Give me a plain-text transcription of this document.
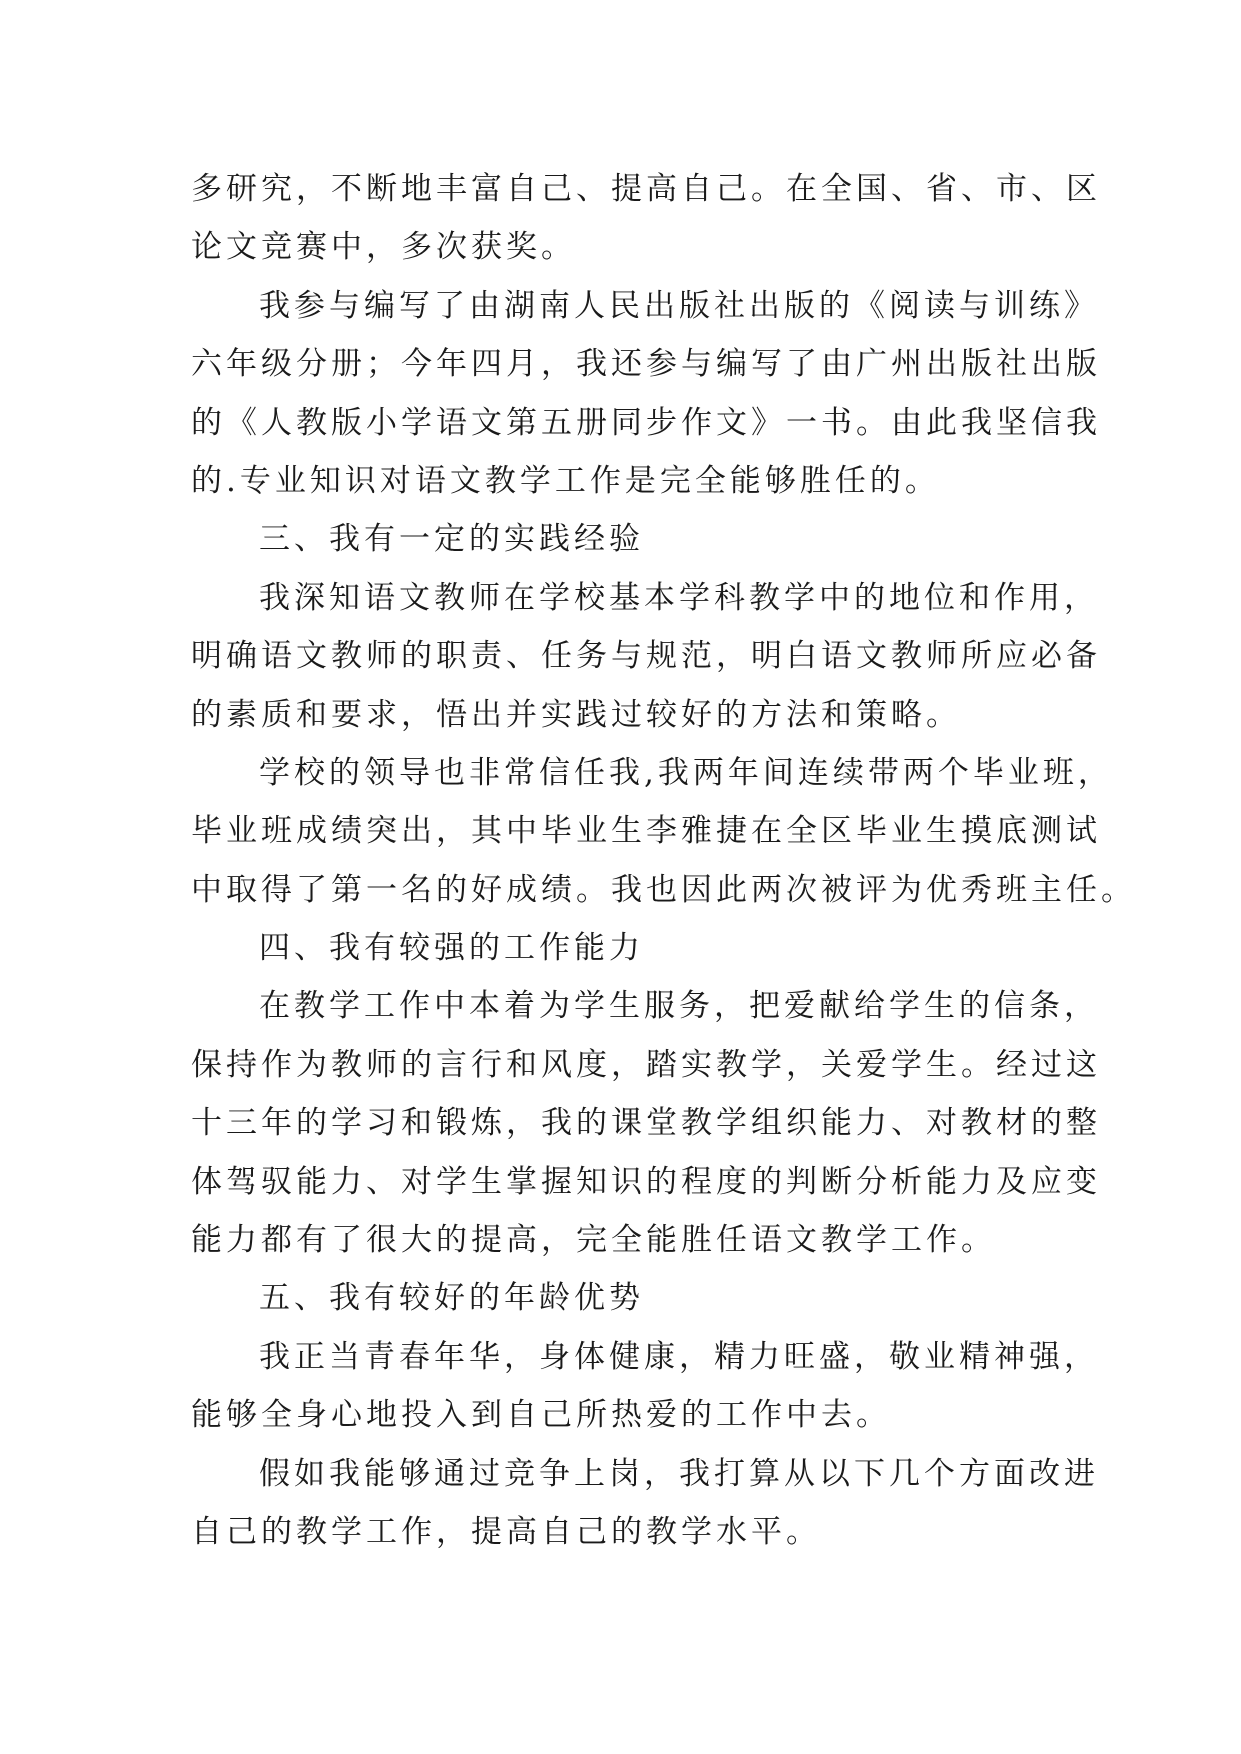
多研究，不断地丰富自己、提高自己。在全国、省、市、区
论文竞赛中，多次获奖。
我参与编写了由湖南人民出版社出版的《阅读与训练》
六年级分册；今年四月，我还参与编写了由广州出版社出版
的《人教版小学语文第五册同步作文》一书。由此我坚信我
的.专业知识对语文教学工作是完全能够胜任的。
三、我有一定的实践经验
我深知语文教师在学校基本学科教学中的地位和作用，
明确语文教师的职责、任务与规范，明白语文教师所应必备
的素质和要求，悟出并实践过较好的方法和策略。
学校的领导也非常信任我,我两年间连续带两个毕业班，
毕业班成绩突出，其中毕业生李雅捷在全区毕业生摸底测试
中取得了第一名的好成绩。我也因此两次被评为优秀班主任。
四、我有较强的工作能力
在教学工作中本着为学生服务，把爱献给学生的信条，
保持作为教师的言行和风度，踏实教学，关爱学生。经过这
十三年的学习和锻炼，我的课堂教学组织能力、对教材的整
体驾驭能力、对学生掌握知识的程度的判断分析能力及应变
能力都有了很大的提高，完全能胜任语文教学工作。
五、我有较好的年龄优势
我正当青春年华，身体健康，精力旺盛，敬业精神强，
能够全身心地投入到自己所热爱的工作中去。
假如我能够通过竞争上岗，我打算从以下几个方面改进
自己的教学工作，提高自己的教学水平。
